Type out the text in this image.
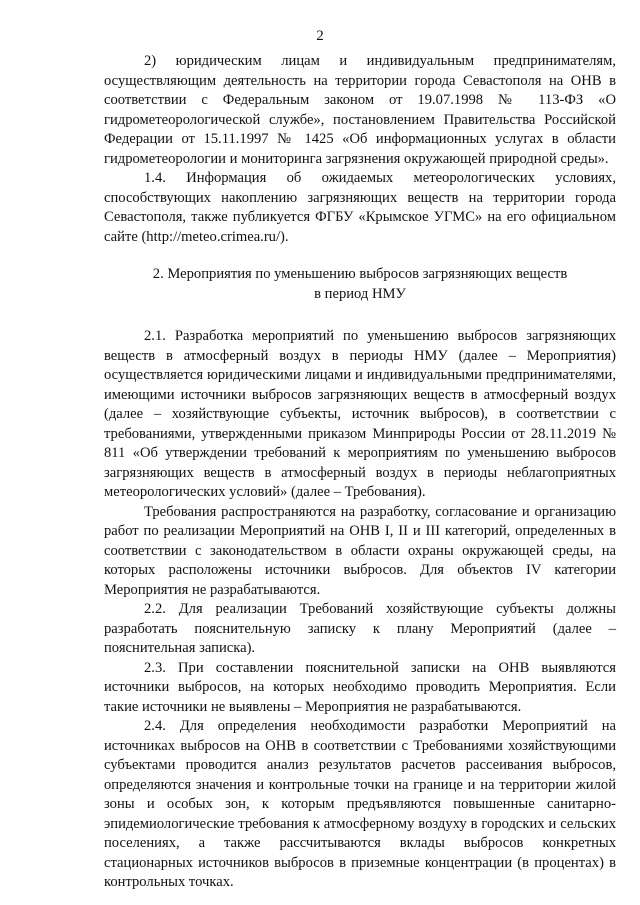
2

2) юридическим лицам и индивидуальным предпринимателям, осуществляющим деятельность на территории города Севастополя на ОНВ в соответствии с Федеральным законом от 19.07.1998 № 113-ФЗ «О гидрометеорологической службе», постановлением Правительства Российской Федерации от 15.11.1997 № 1425 «Об информационных услугах в области гидрометеорологии и мониторинга загрязнения окружающей природной среды».

1.4. Информация об ожидаемых метеорологических условиях, способствующих накоплению загрязняющих веществ на территории города Севастополя, также публикуется ФГБУ «Крымское УГМС» на его официальном сайте (http://meteo.crimea.ru/).

2. Мероприятия по уменьшению выбросов загрязняющих веществ

в период НМУ

2.1. Разработка мероприятий по уменьшению выбросов загрязняющих веществ в атмосферный воздух в периоды НМУ (далее – Мероприятия) осуществляется юридическими лицами и индивидуальными предпринимателями, имеющими источники выбросов загрязняющих веществ в атмосферный воздух (далее – хозяйствующие субъекты, источник выбросов), в соответствии с требованиями, утвержденными приказом Минприроды России от 28.11.2019 № 811 «Об утверждении требований к мероприятиям по уменьшению выбросов загрязняющих веществ в атмосферный воздух в периоды неблагоприятных метеорологических условий» (далее – Требования).

Требования распространяются на разработку, согласование и организацию работ по реализации Мероприятий на ОНВ I, II и III категорий, определенных в соответствии с законодательством в области охраны окружающей среды, на которых расположены источники выбросов. Для объектов IV категории Мероприятия не разрабатываются.

2.2. Для реализации Требований хозяйствующие субъекты должны разработать пояснительную записку к плану Мероприятий (далее – пояснительная записка).

2.3. При составлении пояснительной записки на ОНВ выявляются источники выбросов, на которых необходимо проводить Мероприятия. Если такие источники не выявлены – Мероприятия не разрабатываются.

2.4. Для определения необходимости разработки Мероприятий на источниках выбросов на ОНВ в соответствии с Требованиями хозяйствующими субъектами проводится анализ результатов расчетов рассеивания выбросов, определяются значения и контрольные точки на границе и на территории жилой зоны и особых зон, к которым предъявляются повышенные санитарно-эпидемиологические требования к атмосферному воздуху в городских и сельских поселениях, а также рассчитываются вклады выбросов конкретных стационарных источников выбросов в приземные концентрации (в процентах) в контрольных точках.
